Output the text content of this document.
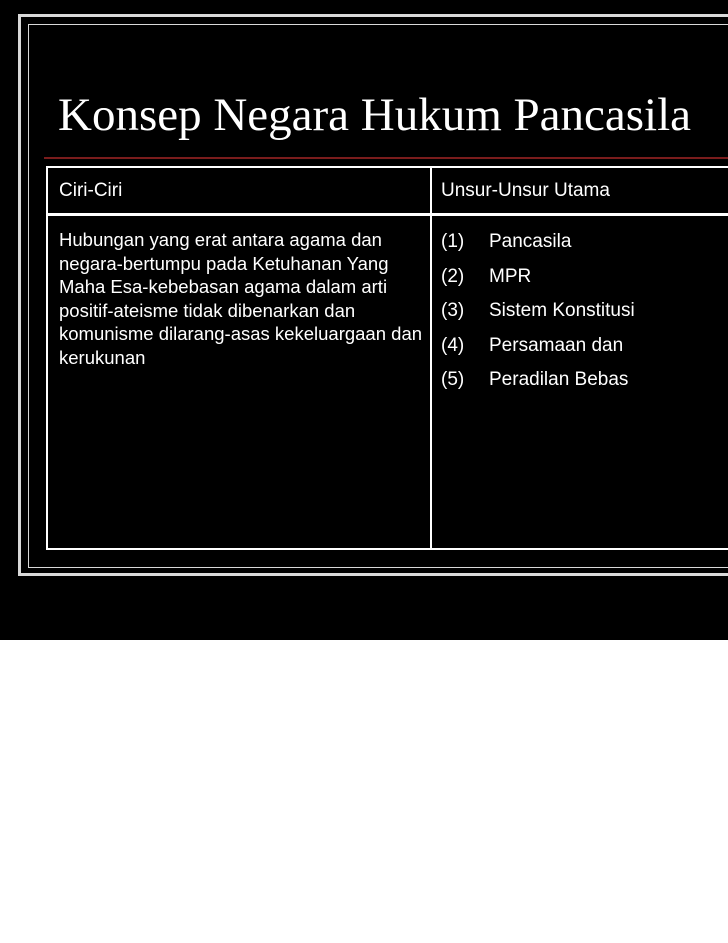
Konsep Negara Hukum Pancasila
Ciri-Ciri	Unsur-Unsur Utama
Hubungan yang erat antara agama dan negara-bertumpu pada Ketuhanan Yang Maha Esa-kebebasan agama dalam arti positif-ateisme tidak dibenarkan dan komunisme dilarang-asas kekeluargaan dan kerukunan
(1) Pancasila
(2) MPR
(3) Sistem Konstitusi
(4) Persamaan dan
(5) Peradilan Bebas
